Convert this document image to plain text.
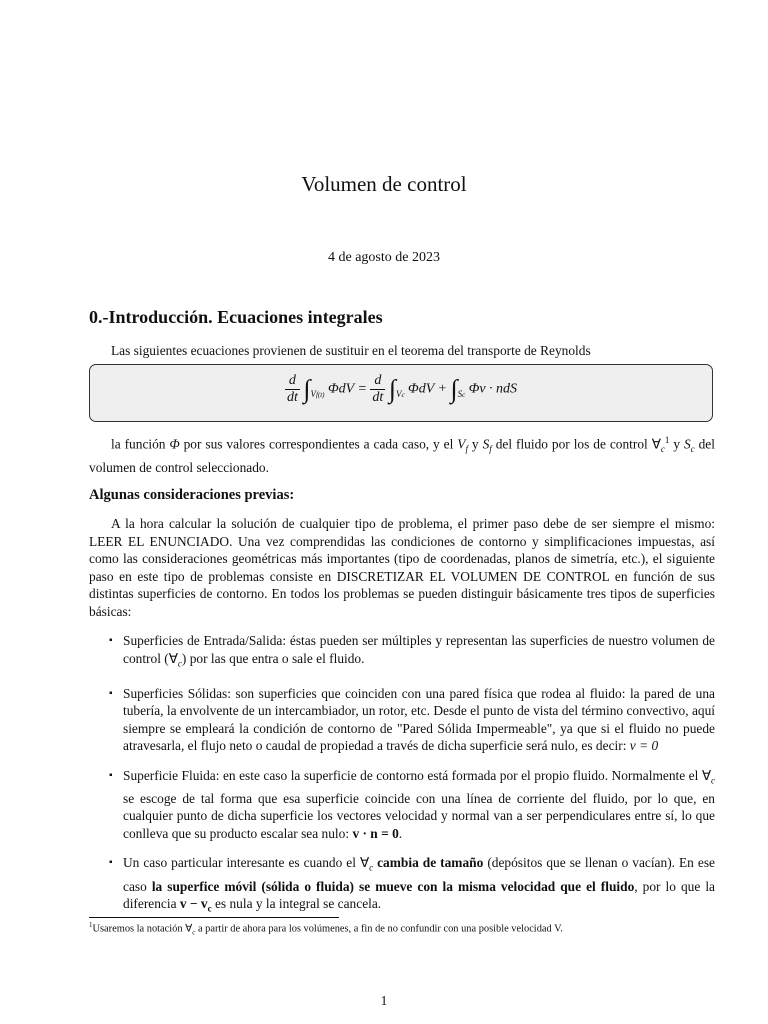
Volumen de control
4 de agosto de 2023
0.-Introducción. Ecuaciones integrales
Las siguientes ecuaciones provienen de sustituir en el teorema del transporte de Reynolds
$\frac{d}{dt} \int_{Vf(t)}$ $\Phi dV = \frac{d}{dt} \int_{Vc}$ $\Phi dV + \int_{Sc}$ Φv · ndS
la función Φ por sus valores correspondientes a cada caso, y el $V_f$ y $S_f$ del fluido por los de control $\forall_c^1$ y $S_c$ del volumen de control seleccionado.
Algunas consideraciones previas:
A la hora calcular la solución de cualquier tipo de problema, el primer paso debe de ser siempre el mismo: LEER EL ENUNCIADO. Una vez comprendidas las condiciones de contorno y simplificaciones impuestas, así como las consideraciones geométricas más importantes (tipo de coordenadas, planos de simetría, etc.), el siguiente paso en este tipo de problemas consiste en DISCRETIZAR EL VOLUMEN DE CONTROL en función de sus distintas superficies de contorno. En todos los problemas se pueden distinguir básicamente tres tipos de superficies básicas:
▪ Superficies de Entrada/Salida: éstas pueden ser múltiples y representan las superficies de nuestro volumen de control $(\forall_c)$ por las que entra o sale el fluido.
▪ Superficies Sólidas: son superficies que coinciden con una pared física que rodea al fluido: la pared de una tubería, la envolvente de un intercambiador, un rotor, etc. Desde el punto de vista del término convectivo, aquí siempre se empleará la condición de contorno de "Pared Sólida Impermeable", ya que si el fluido no puede atravesarla, el flujo neto o caudal de propiedad a través de dicha superficie será nulo, es decir: v = 0
▪ Superficie Fluida: en este caso la superficie de contorno está formada por el propio fluido. Normalmente el $\forall_c$ se escoge de tal forma que esa superficie coincide con una línea de corriente del fluido, por lo que, en cualquier punto de dicha superficie los vectores velocidad y normal van a ser perpendiculares entre sí, lo que conlleva que su producto escalar sea nulo: v · n = 0.
▪ Un caso particular interesante es cuando el $\forall_c$ cambia de tamaño (depósitos que se llenan o vacían). En ese caso la superfice móvil (sólida o fluida) se mueve con la misma velocidad que el fluido, por lo que la diferencia $v - v_c$ es nula y la integral se cancela.
$^1$Usaremos la notación $\forall_c$ a partir de ahora para los volúmenes, a fin de no confundir con una posible velocidad V.
1
